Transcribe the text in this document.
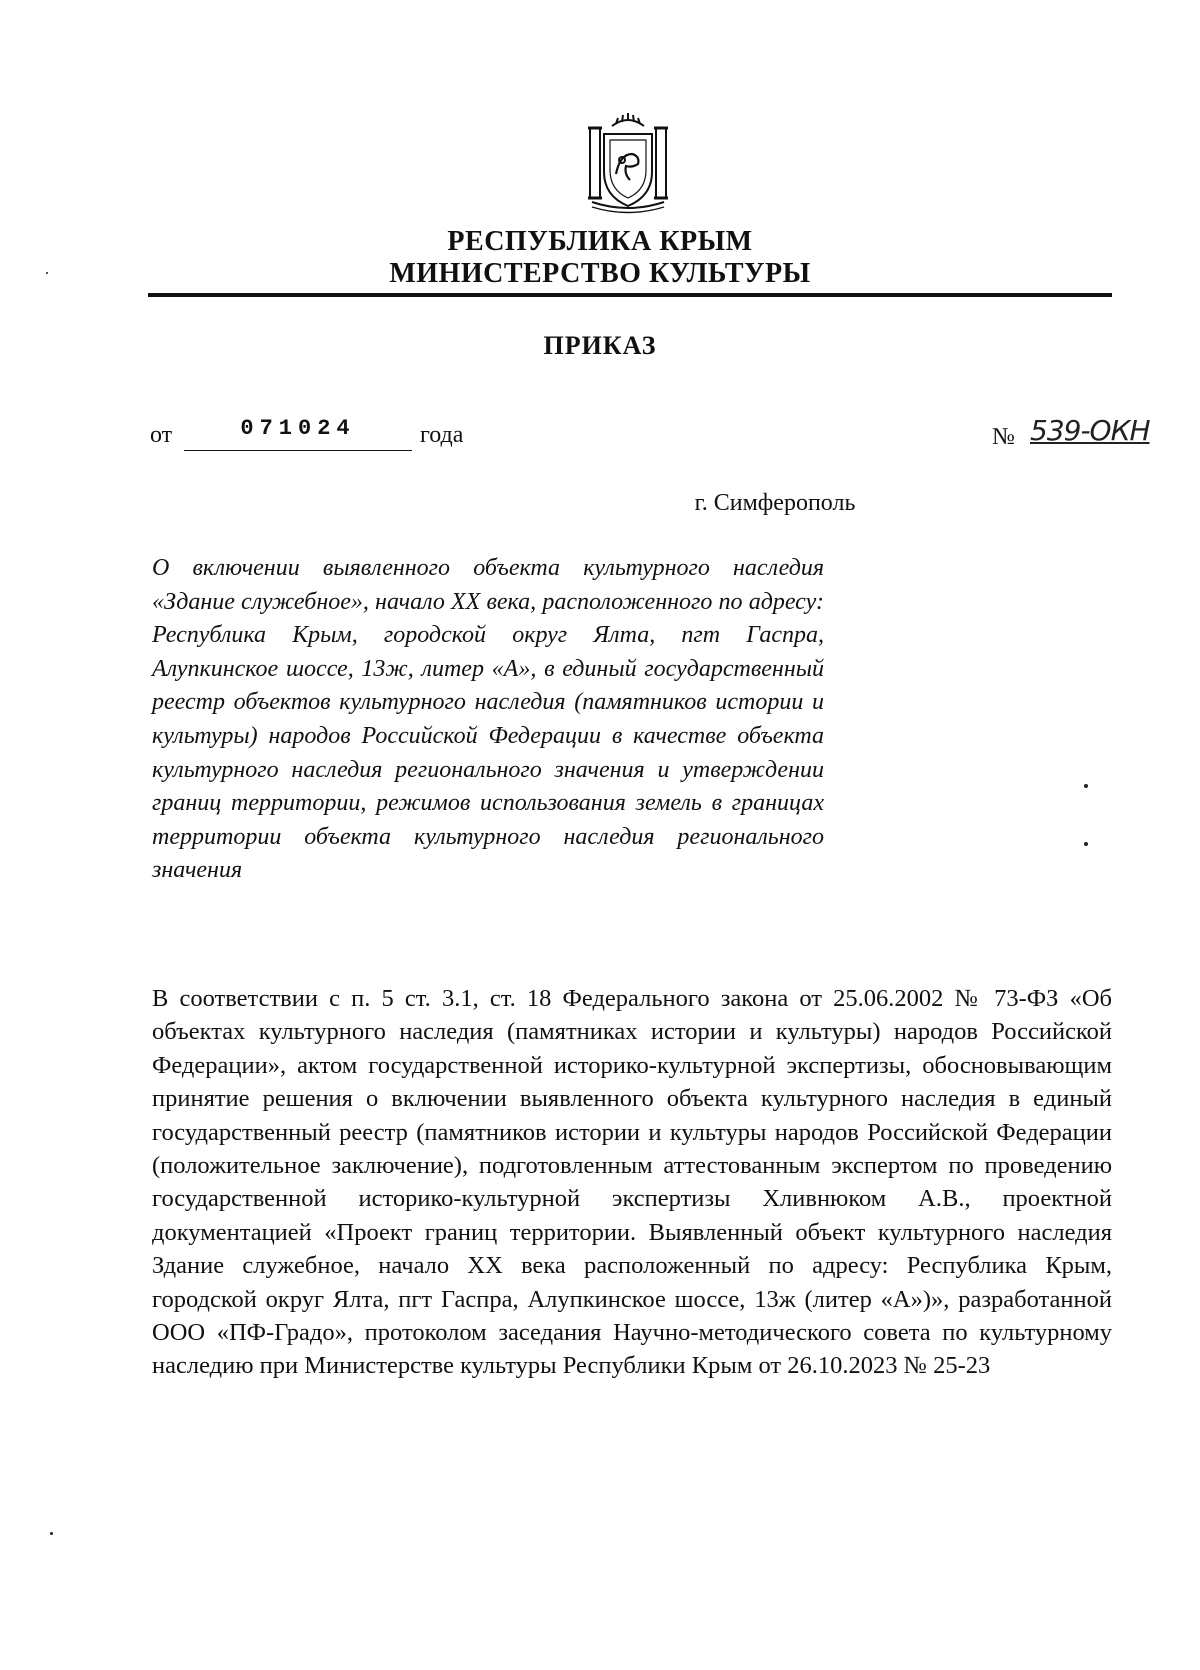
РЕСПУБЛИКА КРЫМ
МИНИСТЕРСТВО КУЛЬТУРЫ
ПРИКАЗ
от	071024	года	№ 539-ОКН
г. Симферополь
О включении выявленного объекта культурного наследия «Здание служебное», начало XX века, расположенного по адресу: Республика Крым, городской округ Ялта, пгт Гаспра, Алупкинское шоссе, 13ж, литер «А», в единый государственный реестр объектов культурного наследия (памятников истории и культуры) народов Российской Федерации в качестве объекта культурного наследия регионального значения и утверждении границ территории, режимов использования земель в границах территории объекта культурного наследия регионального значения
В соответствии с п. 5 ст. 3.1, ст. 18 Федерального закона от 25.06.2002 № 73-ФЗ «Об объектах культурного наследия (памятниках истории и культуры) народов Российской Федерации», актом государственной историко-культурной экспертизы, обосновывающим принятие решения о включении выявленного объекта культурного наследия в единый государственный реестр (памятников истории и культуры народов Российской Федерации (положительное заключение), подготовленным аттестованным экспертом по проведению государственной историко-культурной экспертизы Хливнюком А.В., проектной документацией «Проект границ территории. Выявленный объект культурного наследия Здание служебное, начало XX века расположенный по адресу: Республика Крым, городской округ Ялта, пгт Гаспра, Алупкинское шоссе, 13ж (литер «А»)», разработанной ООО «ПФ-Градо», протоколом заседания Научно-методического совета по культурному наследию при Министерстве культуры Республики Крым от 26.10.2023 № 25-23
